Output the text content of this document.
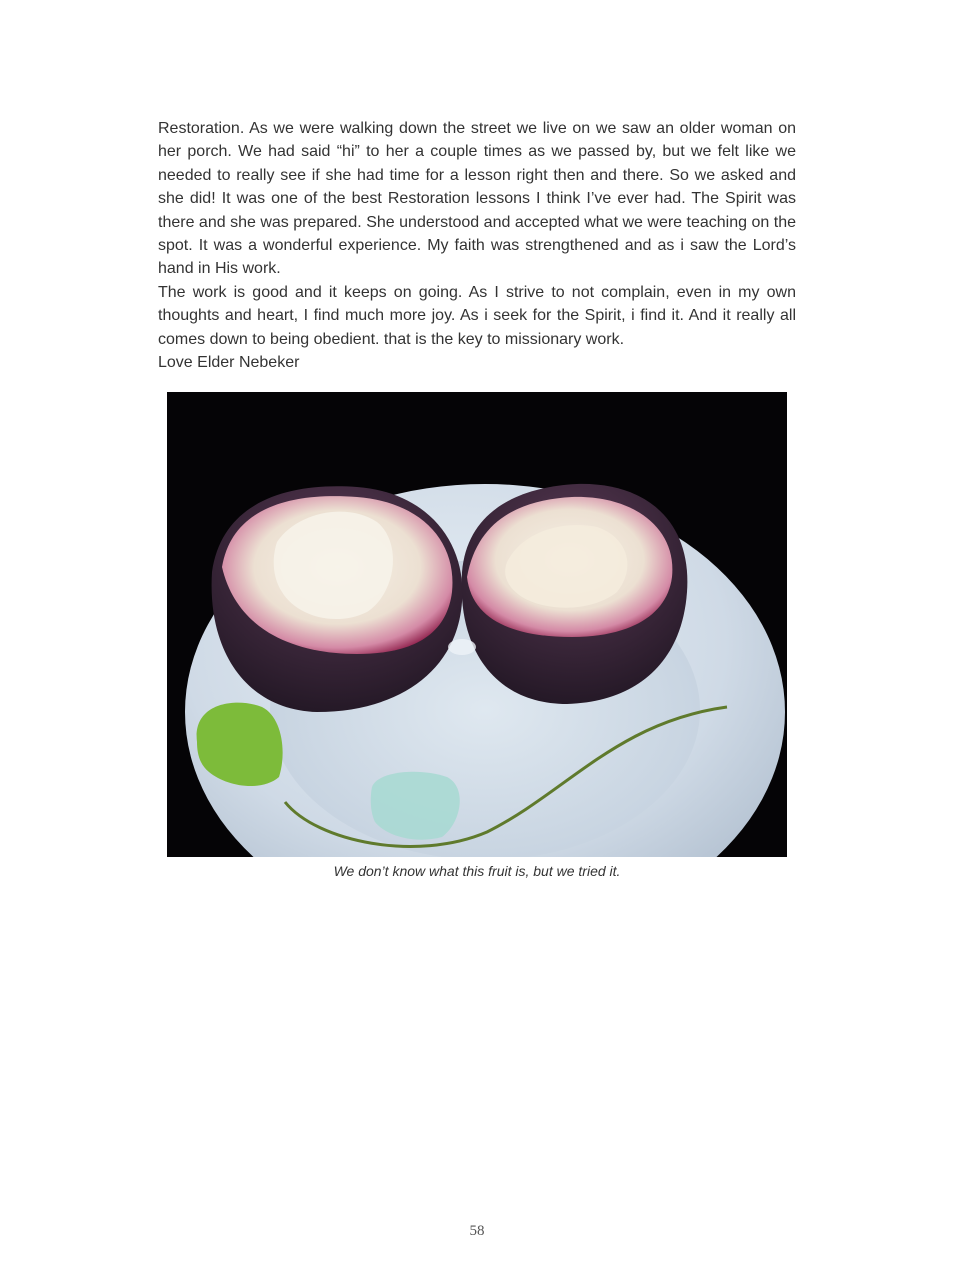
Restoration. As we were walking down the street we live on we saw an older woman on her porch. We had said “hi” to her a couple times as we passed by, but we felt like we needed to really see if she had time for a lesson right then and there. So we asked and she did! It was one of the best Restoration lessons I think I’ve ever had. The Spirit was there and she was prepared. She understood and accepted what we were teaching on the spot. It was a wonderful experience. My faith was strengthened and as i saw the Lord’s hand in His work.

The work is good and it keeps on going. As I strive to not complain, even in my own thoughts and heart, I find much more joy. As i seek for the Spirit, i find it. And it really all comes down to being obedient. that is the key to missionary work.

Love Elder Nebeker

We don’t know what this fruit is, but we tried it.
58
